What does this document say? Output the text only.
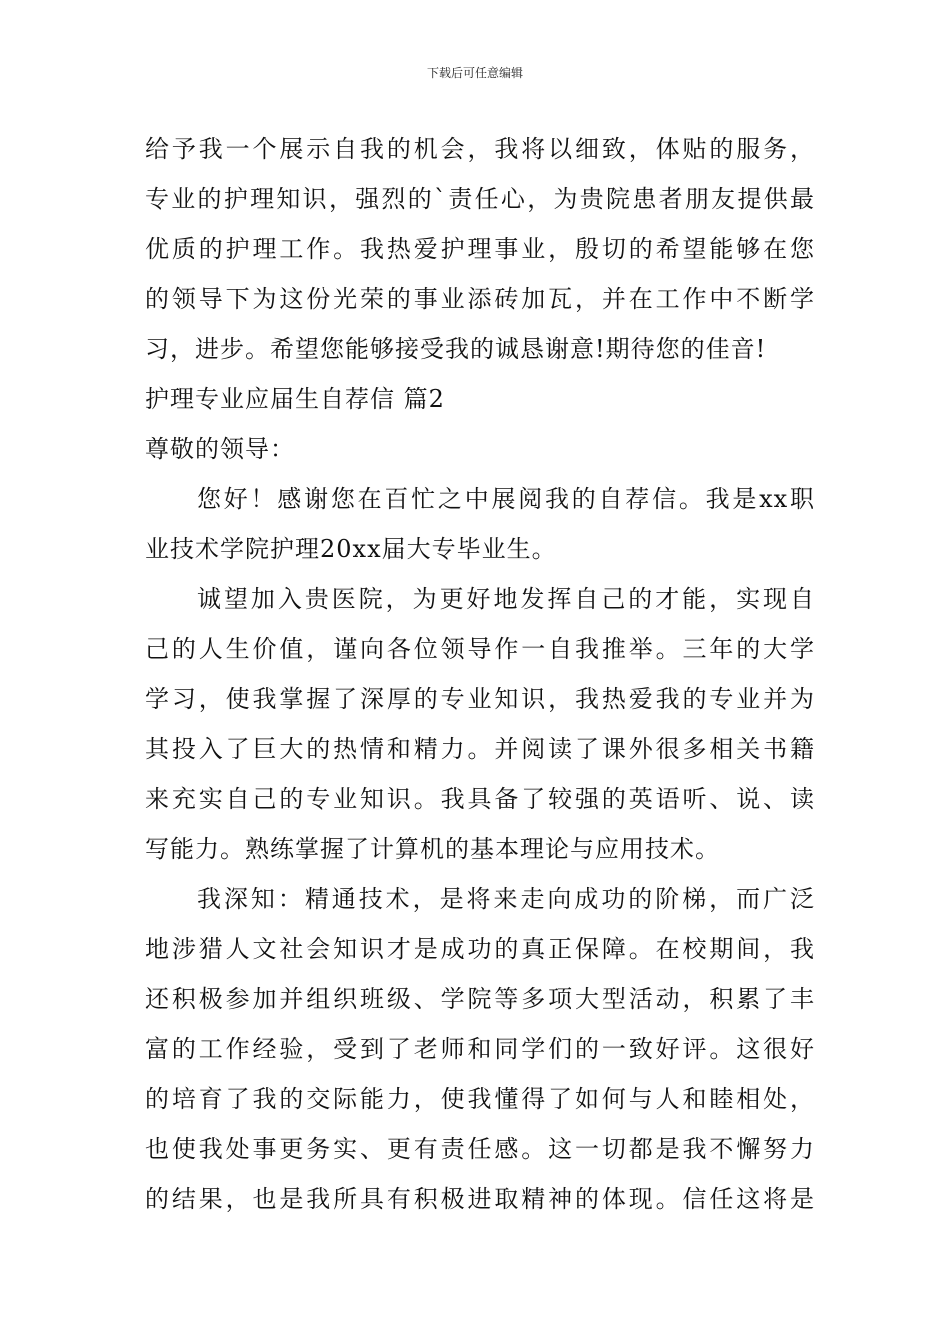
下载后可任意编辑
给予我一个展示自我的机会，我将以细致，体贴的服务，
专业的护理知识，强烈的`责任心，为贵院患者朋友提供最
优质的护理工作。我热爱护理事业，殷切的希望能够在您
的领导下为这份光荣的事业添砖加瓦，并在工作中不断学
习，进步。希望您能够接受我的诚恳谢意!期待您的佳音!
护理专业应届生自荐信 篇2
尊敬的领导：
您好！感谢您在百忙之中展阅我的自荐信。我是xx职
业技术学院护理20xx届大专毕业生。
诚望加入贵医院，为更好地发挥自己的才能，实现自
己的人生价值，谨向各位领导作一自我推举。三年的大学
学习，使我掌握了深厚的专业知识，我热爱我的专业并为
其投入了巨大的热情和精力。并阅读了课外很多相关书籍
来充实自己的专业知识。我具备了较强的英语听、说、读
写能力。熟练掌握了计算机的基本理论与应用技术。
我深知：精通技术，是将来走向成功的阶梯，而广泛
地涉猎人文社会知识才是成功的真正保障。在校期间，我
还积极参加并组织班级、学院等多项大型活动，积累了丰
富的工作经验，受到了老师和同学们的一致好评。这很好
的培育了我的交际能力，使我懂得了如何与人和睦相处，
也使我处事更务实、更有责任感。这一切都是我不懈努力
的结果，也是我所具有积极进取精神的体现。信任这将是
